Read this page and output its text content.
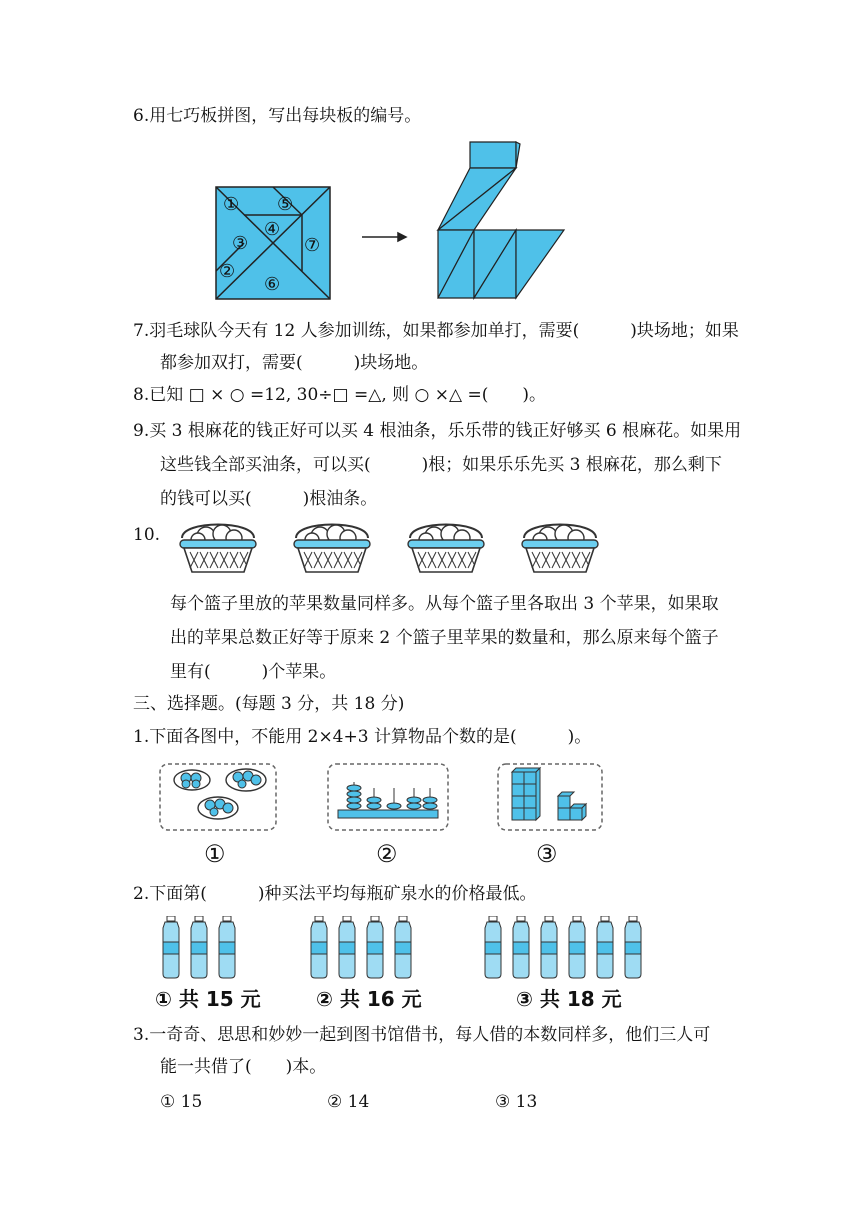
6.用七巧板拼图，写出每块板的编号。
① ⑤
④
③	⑦
②
⑥
7.羽毛球队今天有 12 人参加训练，如果都参加单打，需要(　　　)块场地；如果
都参加双打，需要(　　　)块场地。
8.已知 □ × ○ =12, 30÷□ =△, 则 ○ ×△ =(　　)。
9.买 3 根麻花的钱正好可以买 4 根油条，乐乐带的钱正好够买 6 根麻花。如果用
这些钱全部买油条，可以买(　　　)根；如果乐乐先买 3 根麻花，那么剩下
的钱可以买(　　　)根油条。
10.
每个篮子里放的苹果数量同样多。从每个篮子里各取出 3 个苹果，如果取
出的苹果总数正好等于原来 2 个篮子里苹果的数量和，那么原来每个篮子
里有(　　　)个苹果。
三、选择题。(每题 3 分，共 18 分)
1.下面各图中，不能用 2×4+3 计算物品个数的是(　　　)。
①	②	③
2.下面第(　　　)种买法平均每瓶矿泉水的价格最低。
① 共 15 元	② 共 16 元	③ 共 18 元
3.一奇奇、思思和妙妙一起到图书馆借书，每人借的本数同样多，他们三人可
能一共借了(　　)本。
① 15	② 14	③ 13
